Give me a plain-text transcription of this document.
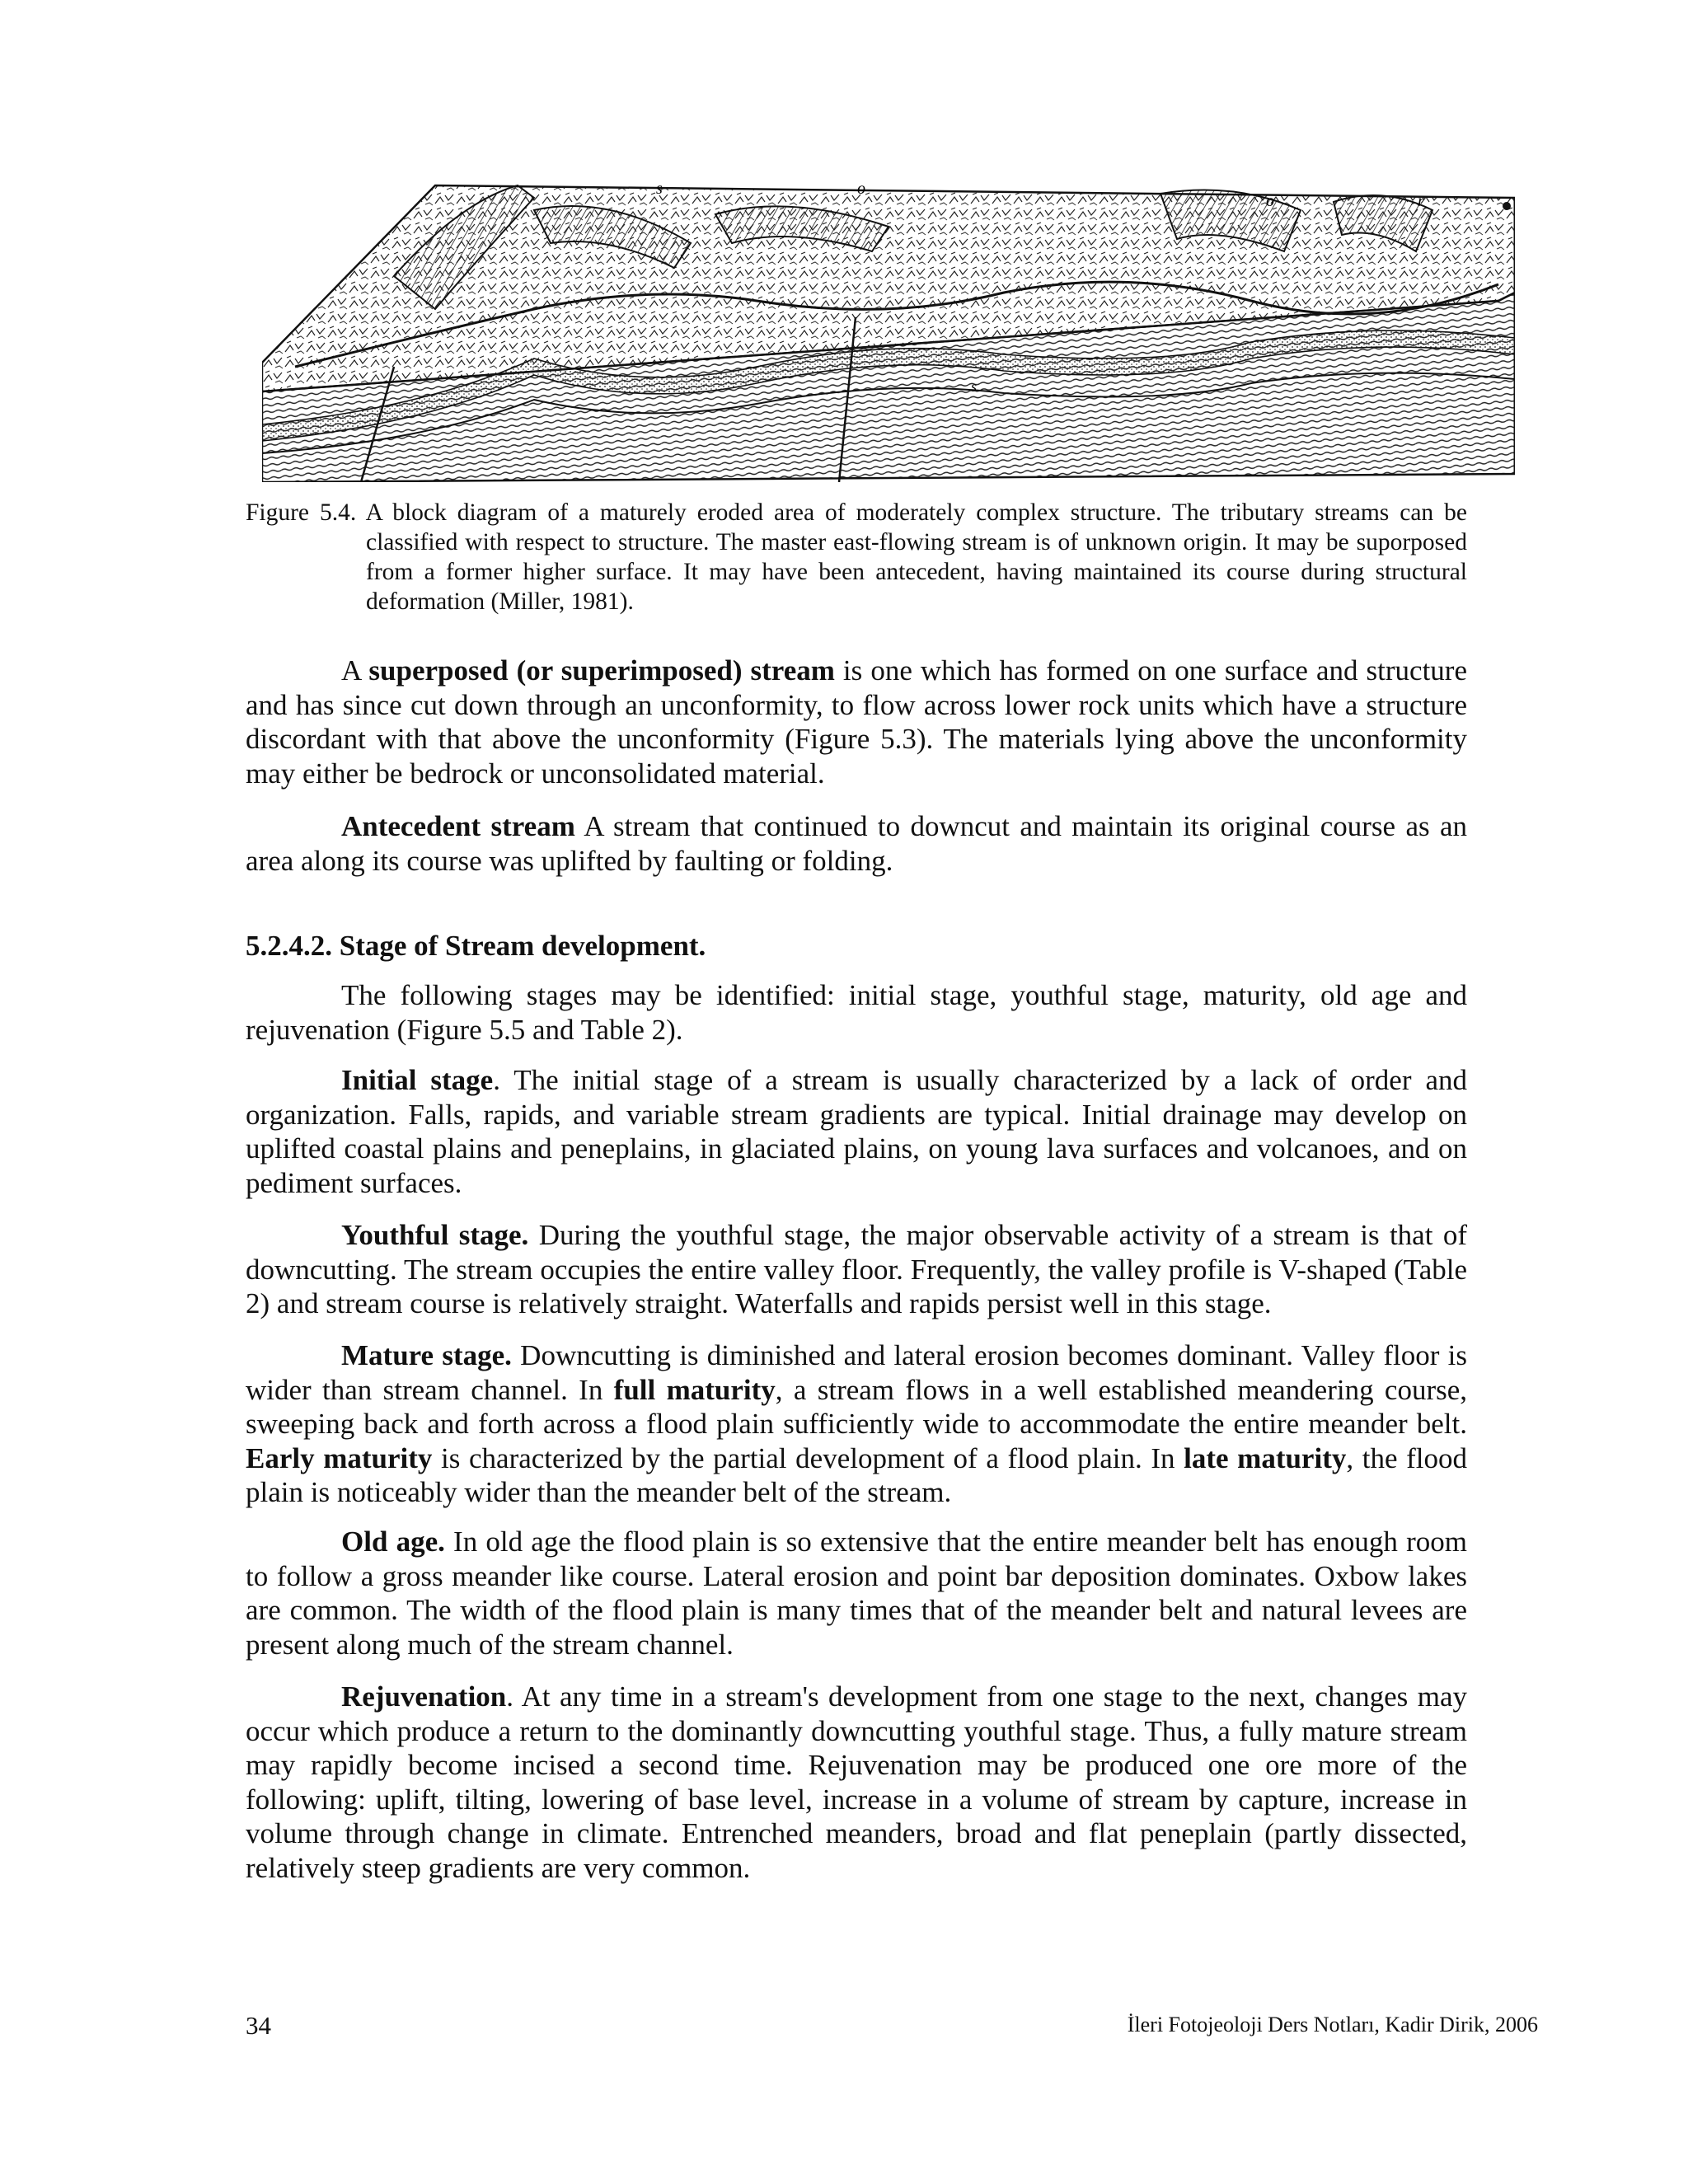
s	o
o	r
s
Figure 5.4. A block diagram of a maturely eroded area of moderately complex structure. The tributary streams can be classified with respect to structure. The master east-flowing stream is of unknown origin. It may be suporposed from a former higher surface. It may have been antecedent, having maintained its course during structural deformation (Miller, 1981).

A superposed (or superimposed) stream is one which has formed on one surface and structure and has since cut down through an unconformity, to flow across lower rock units which have a structure discordant with that above the unconformity (Figure 5.3). The materials lying above the unconformity may either be bedrock or unconsolidated material.

Antecedent stream A stream that continued to downcut and maintain its original course as an area along its course was uplifted by faulting or folding.

5.2.4.2. Stage of Stream development.

The following stages may be identified: initial stage, youthful stage, maturity, old age and rejuvenation (Figure 5.5 and Table 2).

Initial stage. The initial stage of a stream is usually characterized by a lack of order and organization. Falls, rapids, and variable stream gradients are typical. Initial drainage may develop on uplifted coastal plains and peneplains, in glaciated plains, on young lava surfaces and volcanoes, and on pediment surfaces.

Youthful stage. During the youthful stage, the major observable activity of a stream is that of downcutting. The stream occupies the entire valley floor. Frequently, the valley profile is V-shaped (Table 2) and stream course is relatively straight. Waterfalls and rapids persist well in this stage.

Mature stage. Downcutting is diminished and lateral erosion becomes dominant. Valley floor is wider than stream channel. In full maturity, a stream flows in a well established meandering course, sweeping back and forth across a flood plain sufficiently wide to accommodate the entire meander belt. Early maturity is characterized by the partial development of a flood plain. In late maturity, the flood plain is noticeably wider than the meander belt of the stream.

Old age. In old age the flood plain is so extensive that the entire meander belt has enough room to follow a gross meander like course. Lateral erosion and point bar deposition dominates. Oxbow lakes are common. The width of the flood plain is many times that of the meander belt and natural levees are present along much of the stream channel.

Rejuvenation. At any time in a stream's development from one stage to the next, changes may occur which produce a return to the dominantly downcutting youthful stage. Thus, a fully mature stream may rapidly become incised a second time. Rejuvenation may be produced one ore more of the following: uplift, tilting, lowering of base level, increase in a volume of stream by capture, increase in volume through change in climate. Entrenched meanders, broad and flat peneplain (partly dissected, relatively steep gradients are very common.

34	İleri Fotojeoloji Ders Notları, Kadir Dirik, 2006
